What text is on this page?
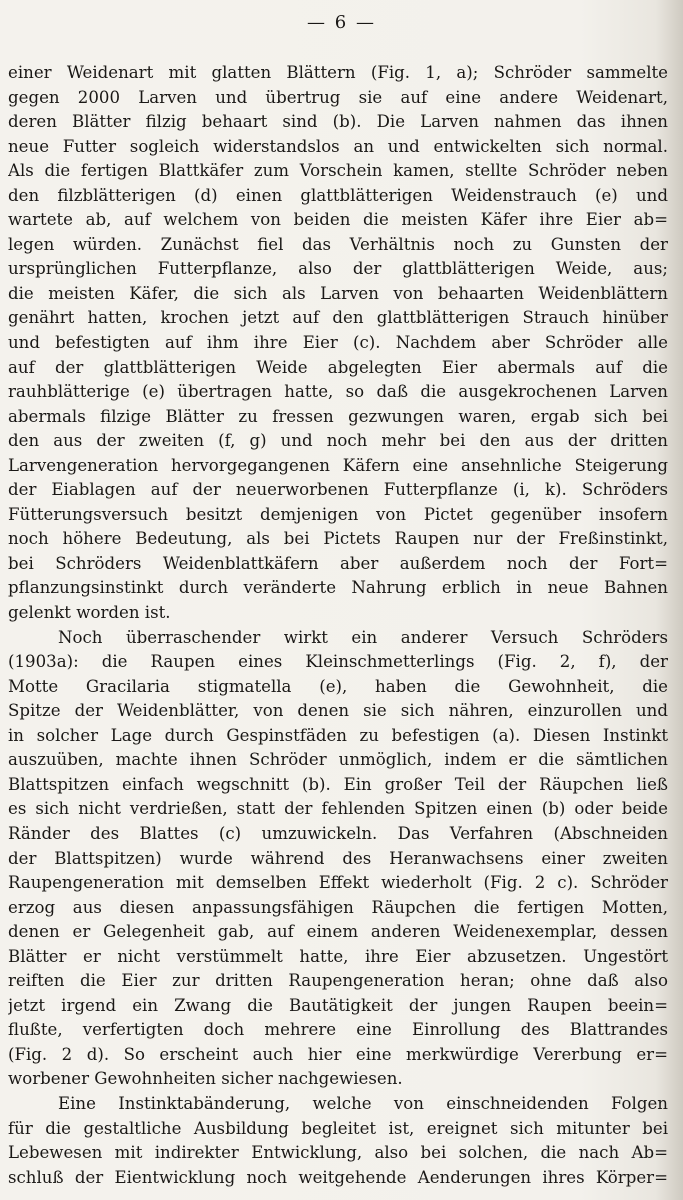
— 6 —
einer Weidenart mit glatten Blättern (Fig. 1, a); Schröder sammelte
gegen 2000 Larven und übertrug sie auf eine andere Weidenart,
deren Blätter filzig behaart sind (b). Die Larven nahmen das ihnen
neue Futter sogleich widerstandslos an und entwickelten sich normal.
Als die fertigen Blattkäfer zum Vorschein kamen, stellte Schröder neben
den filzblätterigen (d) einen glattblätterigen Weidenstrauch (e) und
wartete ab, auf welchem von beiden die meisten Käfer ihre Eier ab=
legen würden. Zunächst fiel das Verhältnis noch zu Gunsten der
ursprünglichen Futterpflanze, also der glattblätterigen Weide, aus;
die meisten Käfer, die sich als Larven von behaarten Weidenblättern
genährt hatten, krochen jetzt auf den glattblätterigen Strauch hinüber
und befestigten auf ihm ihre Eier (c). Nachdem aber Schröder alle
auf der glattblätterigen Weide abgelegten Eier abermals auf die
rauhblätterige (e) übertragen hatte, so daß die ausgekrochenen Larven
abermals filzige Blätter zu fressen gezwungen waren, ergab sich bei
den aus der zweiten (f, g) und noch mehr bei den aus der dritten
Larvengeneration hervorgegangenen Käfern eine ansehnliche Steigerung
der Eiablagen auf der neuerworbenen Futterpflanze (i, k). Schröders
Fütterungsversuch besitzt demjenigen von Pictet gegenüber insofern
noch höhere Bedeutung, als bei Pictets Raupen nur der Freßinstinkt,
bei Schröders Weidenblattkäfern aber außerdem noch der Fort=
pflanzungsinstinkt durch veränderte Nahrung erblich in neue Bahnen
gelenkt worden ist.
Noch überraschender wirkt ein anderer Versuch Schröders
(1903a): die Raupen eines Kleinschmetterlings (Fig. 2, f), der
Motte Gracilaria stigmatella (e), haben die Gewohnheit, die
Spitze der Weidenblätter, von denen sie sich nähren, einzurollen und
in solcher Lage durch Gespinstfäden zu befestigen (a). Diesen Instinkt
auszuüben, machte ihnen Schröder unmöglich, indem er die sämtlichen
Blattspitzen einfach wegschnitt (b). Ein großer Teil der Räupchen ließ
es sich nicht verdrießen, statt der fehlenden Spitzen einen (b) oder beide
Ränder des Blattes (c) umzuwickeln. Das Verfahren (Abschneiden
der Blattspitzen) wurde während des Heranwachsens einer zweiten
Raupengeneration mit demselben Effekt wiederholt (Fig. 2 c). Schröder
erzog aus diesen anpassungsfähigen Räupchen die fertigen Motten,
denen er Gelegenheit gab, auf einem anderen Weidenexemplar, dessen
Blätter er nicht verstümmelt hatte, ihre Eier abzusetzen. Ungestört
reiften die Eier zur dritten Raupengeneration heran; ohne daß also
jetzt irgend ein Zwang die Bautätigkeit der jungen Raupen beein=
flußte, verfertigten doch mehrere eine Einrollung des Blattrandes
(Fig. 2 d). So erscheint auch hier eine merkwürdige Vererbung er=
worbener Gewohnheiten sicher nachgewiesen.
Eine Instinktabänderung, welche von einschneidenden Folgen
für die gestaltliche Ausbildung begleitet ist, ereignet sich mitunter bei
Lebewesen mit indirekter Entwicklung, also bei solchen, die nach Ab=
schluß der Eientwicklung noch weitgehende Aenderungen ihres Körper=
